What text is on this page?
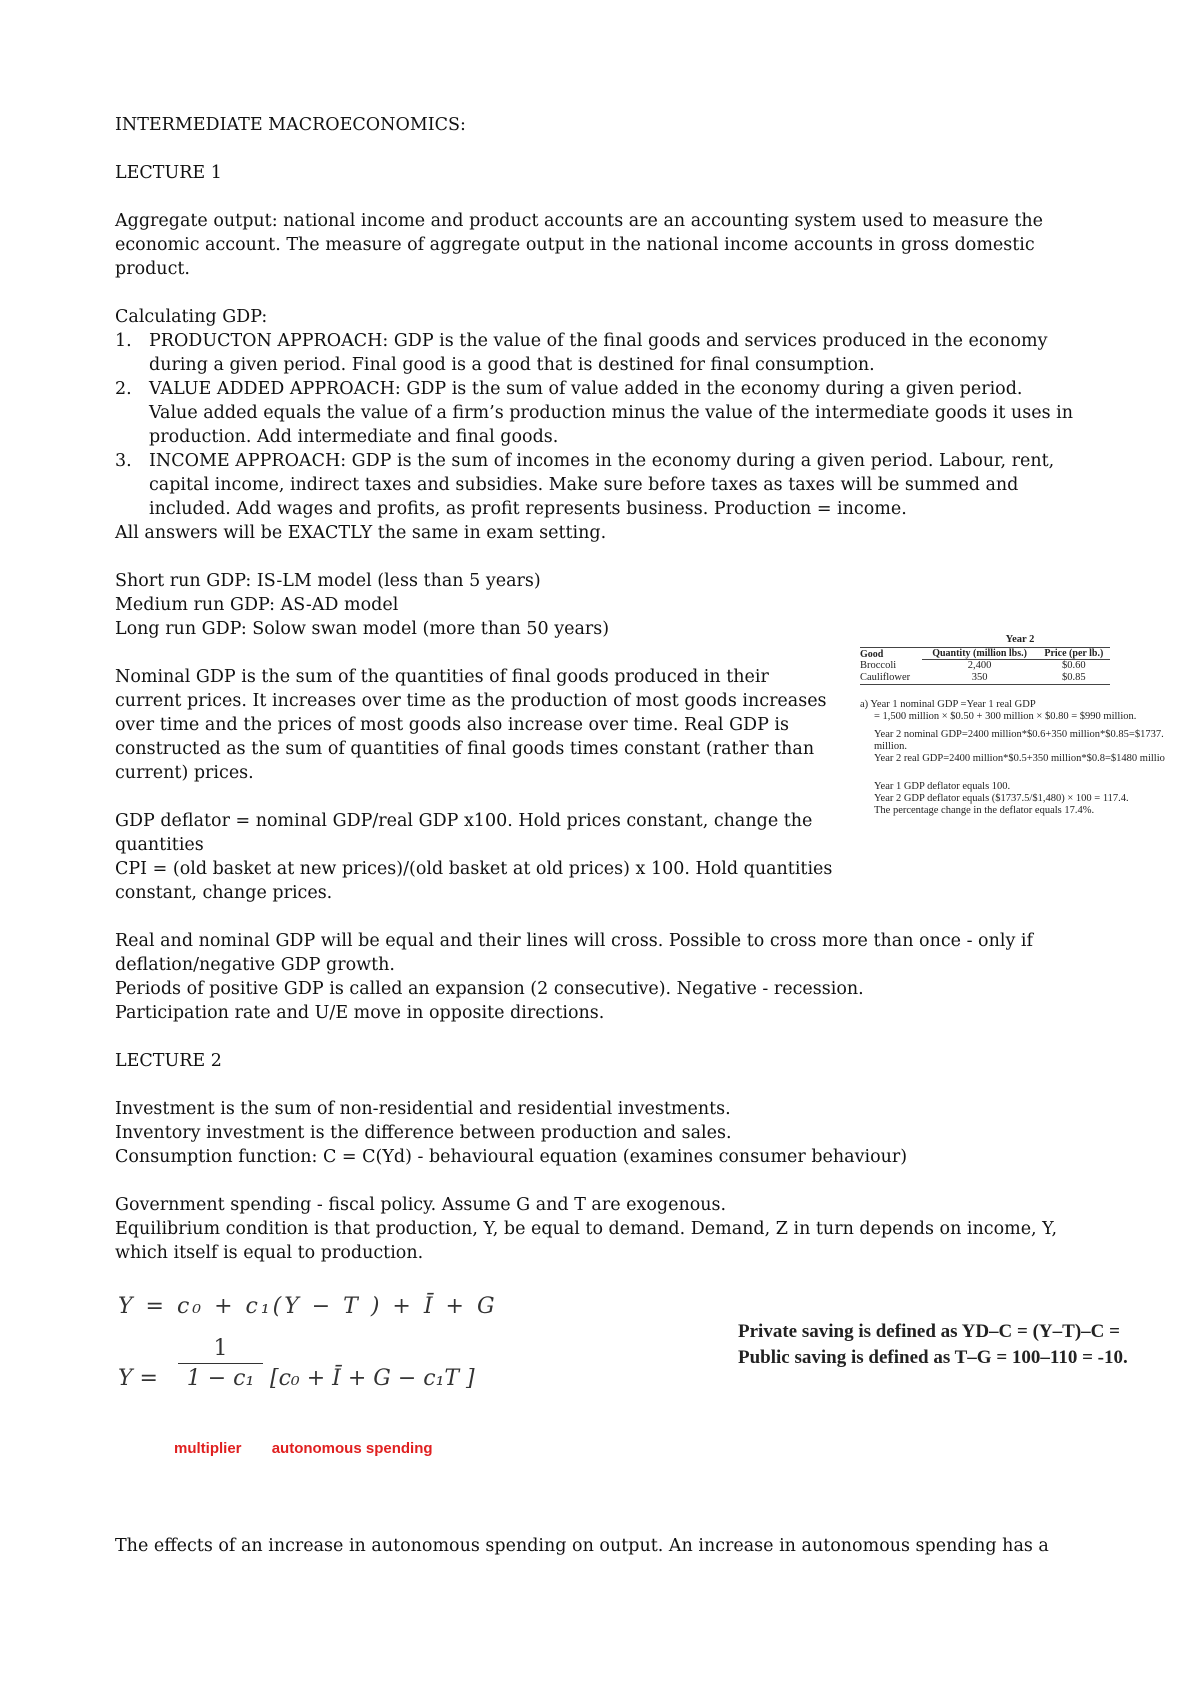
INTERMEDIATE MACROECONOMICS:

LECTURE 1

Aggregate output: national income and product accounts are an accounting system used to measure the economic account. The measure of aggregate output in the national income accounts in gross domestic product.

Calculating GDP:

1. PRODUCTON APPROACH: GDP is the value of the final goods and services produced in the economy during a given period. Final good is a good that is destined for final consumption.
2. VALUE ADDED APPROACH: GDP is the sum of value added in the economy during a given period. Value added equals the value of a firm’s production minus the value of the intermediate goods it uses in production. Add intermediate and final goods.
3. INCOME APPROACH: GDP is the sum of incomes in the economy during a given period. Labour, rent, capital income, indirect taxes and subsidies. Make sure before taxes as taxes will be summed and included. Add wages and profits, as profit represents business. Production = income.

All answers will be EXACTLY the same in exam setting.

Short run GDP: IS-LM model (less than 5 years)

Medium run GDP: AS-AD model

Long run GDP: Solow swan model (more than 50 years)

Nominal GDP is the sum of the quantities of final goods produced in their current prices. It increases over time as the production of most goods increases over time and the prices of most goods also increase over time. Real GDP is constructed as the sum of quantities of final goods times constant (rather than current) prices.

GDP deflator = nominal GDP/real GDP x100. Hold prices constant, change the quantities

CPI = (old basket at new prices)/(old basket at old prices) x 100. Hold quantities constant, change prices.

Real and nominal GDP will be equal and their lines will cross. Possible to cross more than once - only if deflation/negative GDP growth.

Periods of positive GDP is called an expansion (2 consecutive). Negative - recession.

Participation rate and U/E move in opposite directions.

LECTURE 2

Investment is the sum of non-residential and residential investments.

Inventory investment is the difference between production and sales.

Consumption function: C = C(Yd) - behavioural equation (examines consumer behaviour)

Government spending - fiscal policy. Assume G and T are exogenous.

Equilibrium condition is that production, Y, be equal to demand. Demand, Z in turn depends on income, Y, which itself is equal to production.

Year 2
Good	Quantity (million lbs.)	Price (per lb.)

Broccoli	2,400	$0.60
Cauliflower	350	$0.85
a) Year 1 nominal GDP =Year 1 real GDP
= 1,500 million × $0.50 + 300 million × $0.80 = $990 million.
Year 2 nominal GDP=2400 million*$0.6+350 million*$0.85=$1737.
million.
Year 2 real GDP=2400 million*$0.5+350 million*$0.8=$1480 millio
Year 1 GDP deflator equals 100.
Year 2 GDP deflator equals ($1737.5/$1,480) × 100 = 117.4.
The percentage change in the deflator equals 17.4%.
Y = c₀ + c₁(Y − T ) + Ī + G
Y =
1
1 − c₁ [c₀ + Ī + G − c₁T ]
multiplier autonomous spending
Private saving is defined as YD–C = (Y–T)–C =
Public saving is defined as T–G = 100–110 = -10.

The effects of an increase in autonomous spending on output. An increase in autonomous spending has a
